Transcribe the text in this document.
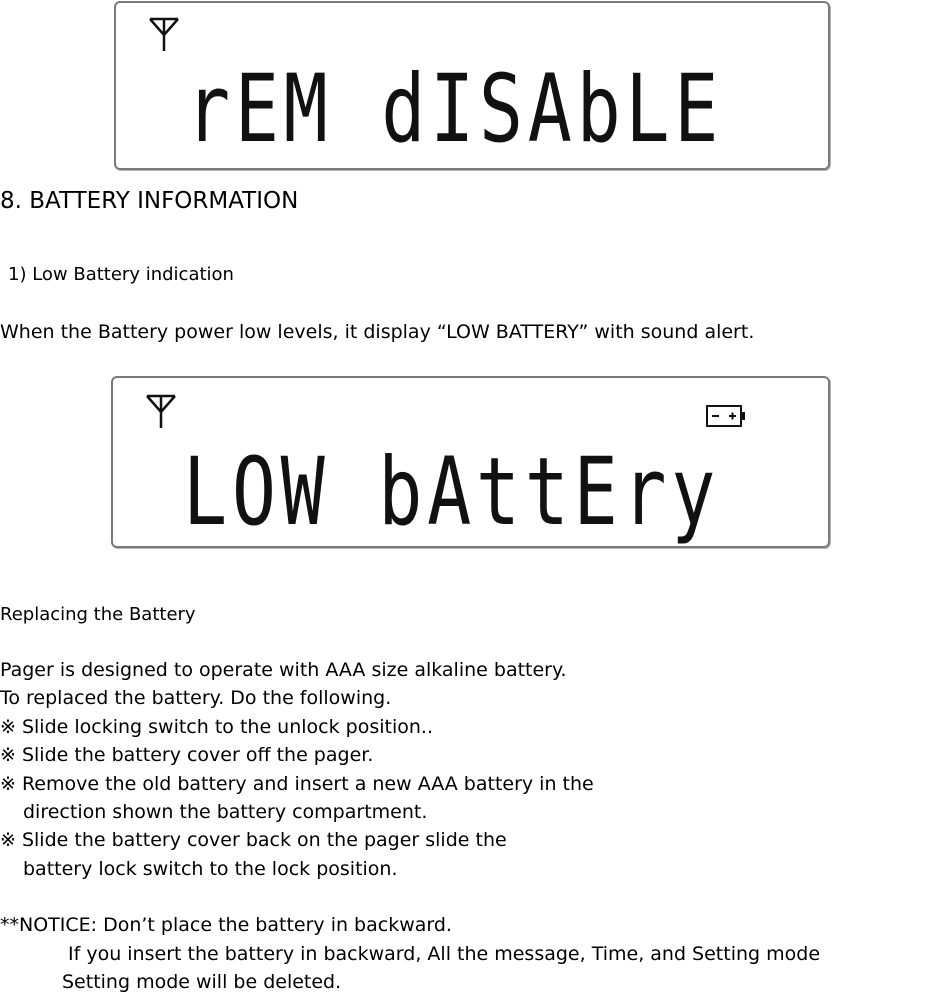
rEM dISAbLE
8. BATTERY INFORMATION
1) Low Battery indication
When the Battery power low levels, it display “LOW BATTERY” with sound alert.
LOW bAttEry
Replacing the Battery
Pager is designed to operate with AAA size alkaline battery.
To replaced the battery. Do the following.
※ Slide locking switch to the unlock position..
※ Slide the battery cover off the pager.
※ Remove the old battery and insert a new AAA battery in the
direction shown the battery compartment.
※ Slide the battery cover back on the pager slide the
battery lock switch to the lock position.
**NOTICE: Don’t place the battery in backward.
If you insert the battery in backward, All the message, Time, and Setting mode
Setting mode will be deleted.
